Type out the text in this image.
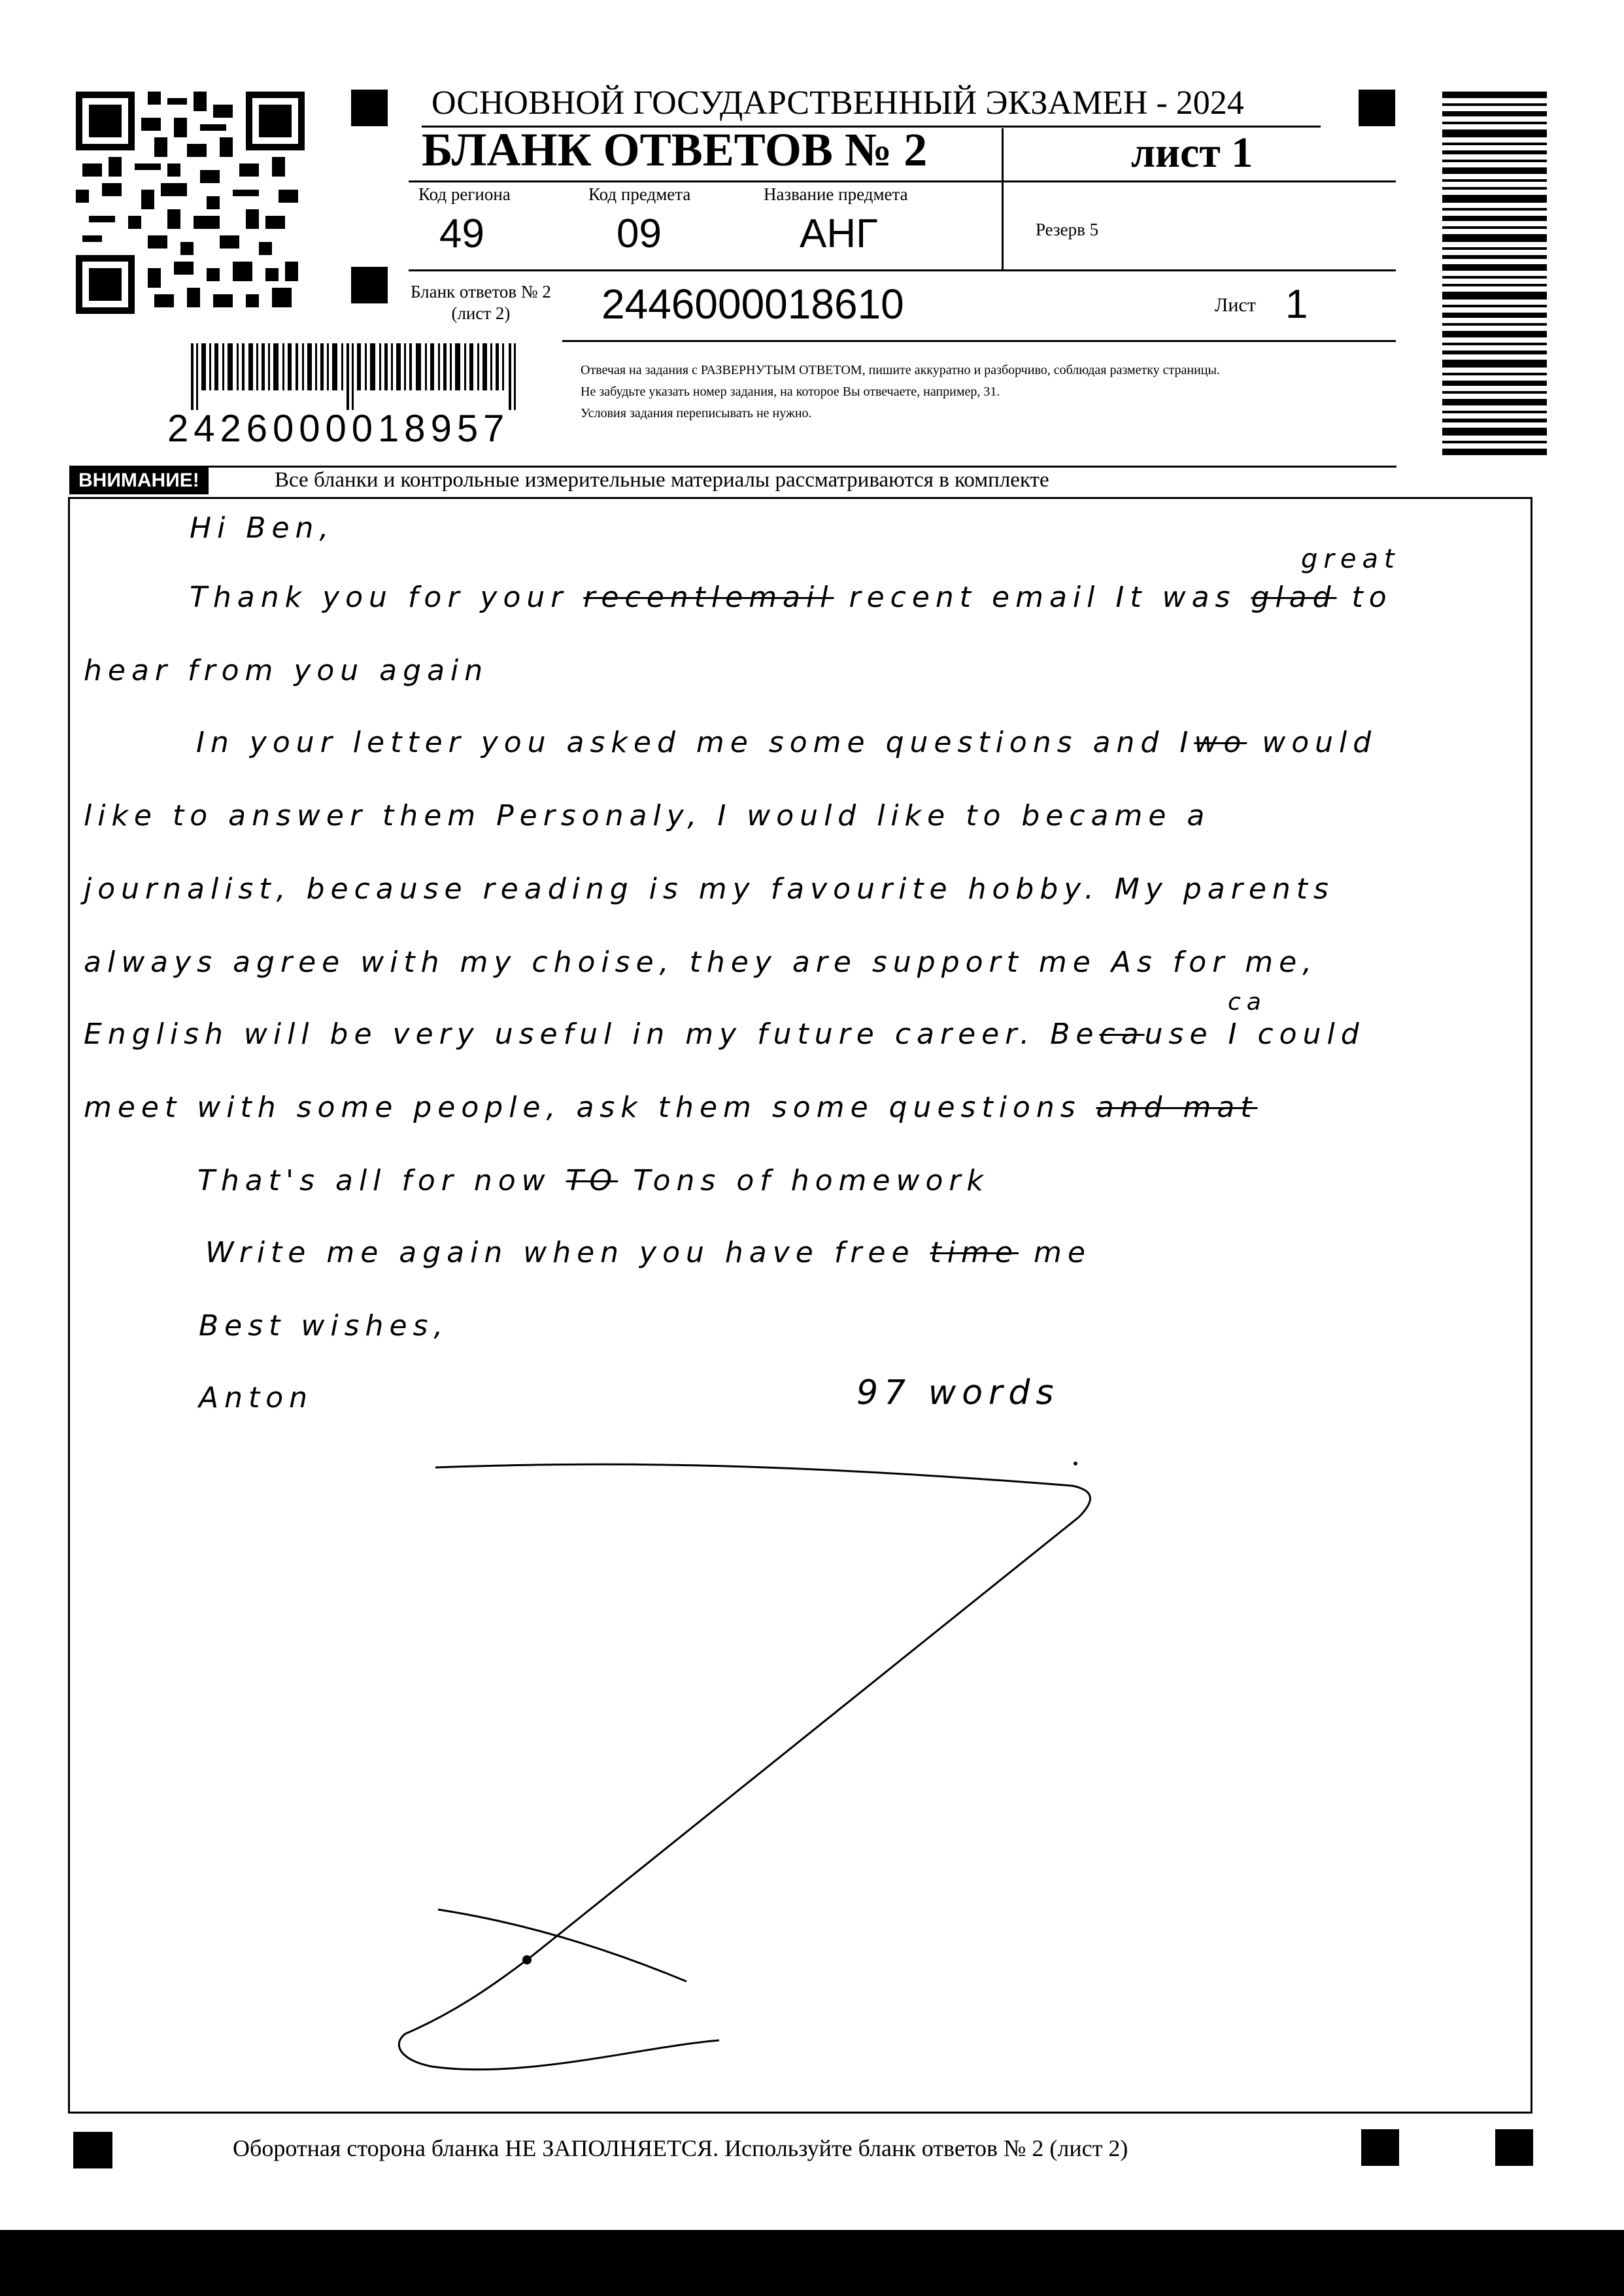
ОСНОВНОЙ ГОСУДАРСТВЕННЫЙ ЭКЗАМЕН - 2024
БЛАНК ОТВЕТОВ № 2	лист 1
Код региона
49
Код предмета
09
Название предмета
АНГ	Резерв 5
Бланк ответов № 2
(лист 2)	2446000018610	Лист 1
2426000018957
Отвечая на задания с РАЗВЕРНУТЫМ ОТВЕТОМ, пишите аккуратно и разборчиво, соблюдая разметку страницы.
Не забудьте указать номер задания, на которое Вы отвечаете, например, 31.
Условия задания переписывать не нужно.
ВНИМАНИЕ!	Все бланки и контрольные измерительные материалы рассматриваются в комплекте
Hi Ben,
Thank you for your recentlemail recent email It was glad to
great
hear from you again
In your letter you asked me some questions and Iwo would
like to answer them Personaly, I would like to became a
journalist, because reading is my favourite hobby. My parents
always agree with my choise, they are support me As for me,
English will be very useful in my future career. Because I could
ca
meet with some people, ask them some questions and mat
That's all for now TO Tons of homework
Write me again when you have free time me
Best wishes,
Anton	97 words
Оборотная сторона бланка НЕ ЗАПОЛНЯЕТСЯ. Используйте бланк ответов № 2 (лист 2)
